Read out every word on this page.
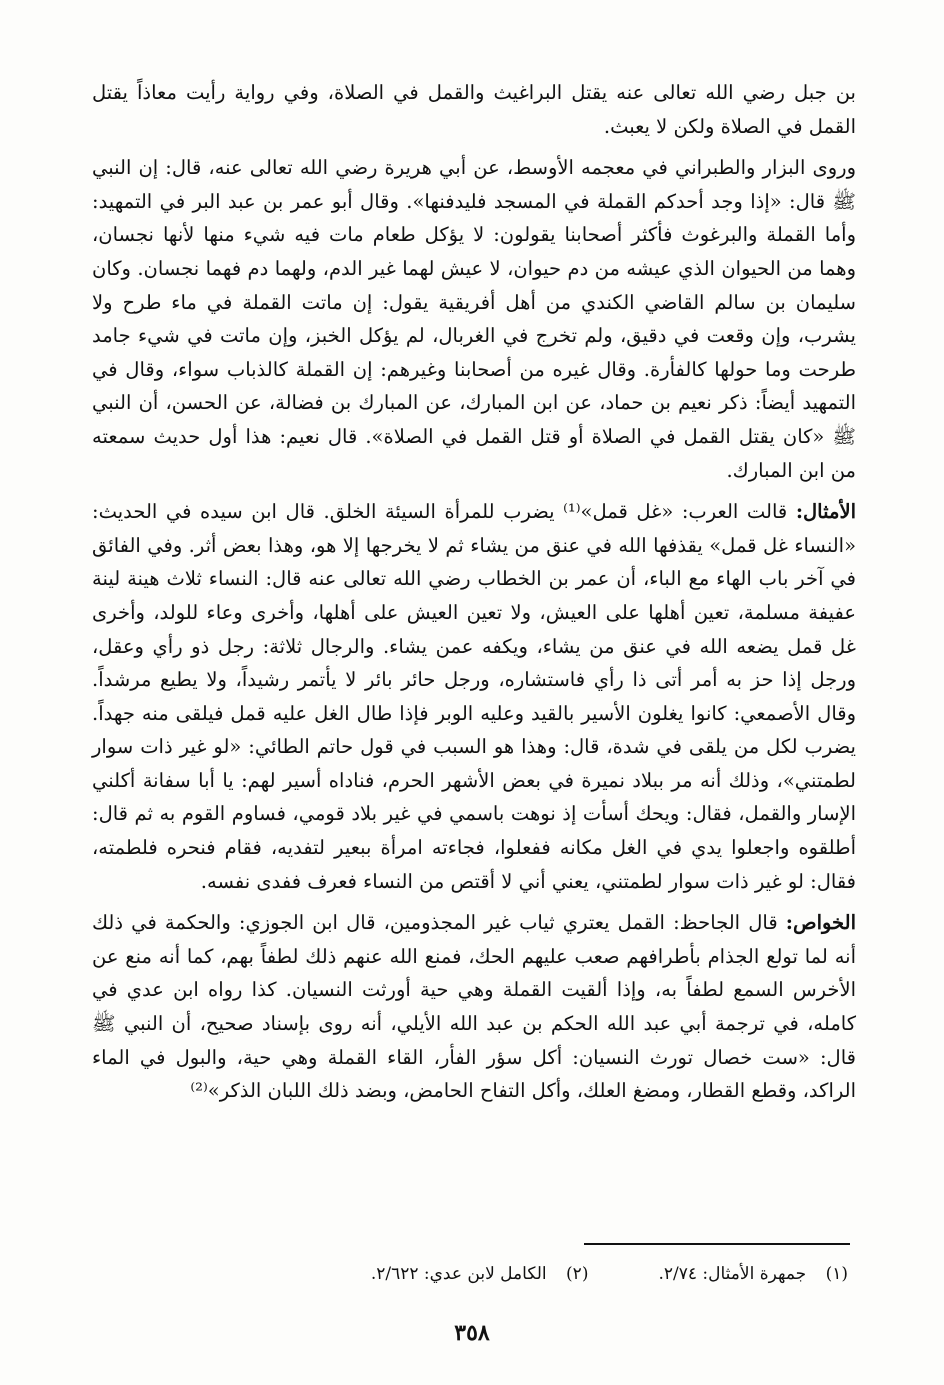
بن جبل رضي الله تعالى عنه يقتل البراغيث والقمل في الصلاة، وفي رواية رأيت معاذاً يقتل القمل في الصلاة ولكن لا يعبث.

وروى البزار والطبراني في معجمه الأوسط، عن أبي هريرة رضي الله تعالى عنه، قال: إن النبي ﷺ قال: «إذا وجد أحدكم القملة في المسجد فليدفنها». وقال أبو عمر بن عبد البر في التمهيد: وأما القملة والبرغوث فأكثر أصحابنا يقولون: لا يؤكل طعام مات فيه شيء منها لأنها نجسان، وهما من الحيوان الذي عيشه من دم حيوان، لا عيش لهما غير الدم، ولهما دم فهما نجسان. وكان سليمان بن سالم القاضي الكندي من أهل أفريقية يقول: إن ماتت القملة في ماء طرح ولا يشرب، وإن وقعت في دقيق، ولم تخرج في الغربال، لم يؤكل الخبز، وإن ماتت في شيء جامد طرحت وما حولها كالفأرة. وقال غيره من أصحابنا وغيرهم: إن القملة كالذباب سواء، وقال في التمهيد أيضاً: ذكر نعيم بن حماد، عن ابن المبارك، عن المبارك بن فضالة، عن الحسن، أن النبي ﷺ «كان يقتل القمل في الصلاة أو قتل القمل في الصلاة». قال نعيم: هذا أول حديث سمعته من ابن المبارك.

الأمثال: قالت العرب: «غل قمل»⁽¹⁾ يضرب للمرأة السيئة الخلق. قال ابن سيده في الحديث: «النساء غل قمل» يقذفها الله في عنق من يشاء ثم لا يخرجها إلا هو، وهذا بعض أثر. وفي الفائق في آخر باب الهاء مع الباء، أن عمر بن الخطاب رضي الله تعالى عنه قال: النساء ثلاث هينة لينة عفيفة مسلمة، تعين أهلها على العيش، ولا تعين العيش على أهلها، وأخرى وعاء للولد، وأخرى غل قمل يضعه الله في عنق من يشاء، ويكفه عمن يشاء. والرجال ثلاثة: رجل ذو رأي وعقل، ورجل إذا حز به أمر أتى ذا رأي فاستشاره، ورجل حائر بائر لا يأتمر رشيداً، ولا يطيع مرشداً. وقال الأصمعي: كانوا يغلون الأسير بالقيد وعليه الوبر فإذا طال الغل عليه قمل فيلقى منه جهداً. يضرب لكل من يلقى في شدة، قال: وهذا هو السبب في قول حاتم الطائي: «لو غير ذات سوار لطمتني»، وذلك أنه مر ببلاد نميرة في بعض الأشهر الحرم، فناداه أسير لهم: يا أبا سفانة أكلني الإسار والقمل، فقال: ويحك أسأت إذ نوهت باسمي في غير بلاد قومي، فساوم القوم به ثم قال: أطلقوه واجعلوا يدي في الغل مكانه ففعلوا، فجاءته امرأة ببعير لتفديه، فقام فنحره فلطمته، فقال: لو غير ذات سوار لطمتني، يعني أني لا أقتص من النساء فعرف ففدى نفسه.

الخواص: قال الجاحظ: القمل يعتري ثياب غير المجذومين، قال ابن الجوزي: والحكمة في ذلك أنه لما تولع الجذام بأطرافهم صعب عليهم الحك، فمنع الله عنهم ذلك لطفاً بهم، كما أنه منع عن الأخرس السمع لطفاً به، وإذا ألقيت القملة وهي حية أورثت النسيان. كذا رواه ابن عدي في كامله، في ترجمة أبي عبد الله الحكم بن عبد الله الأيلي، أنه روى بإسناد صحيح، أن النبي ﷺ قال: «ست خصال تورث النسيان: أكل سؤر الفأر، القاء القملة وهي حية، والبول في الماء الراكد، وقطع القطار، ومضغ العلك، وأكل التفاح الحامض، وبضد ذلك اللبان الذكر»⁽²⁾

(١) جمهرة الأمثال: ٢/٧٤.
(٢) الكامل لابن عدي: ٢/٦٢٢.
٣٥٨
